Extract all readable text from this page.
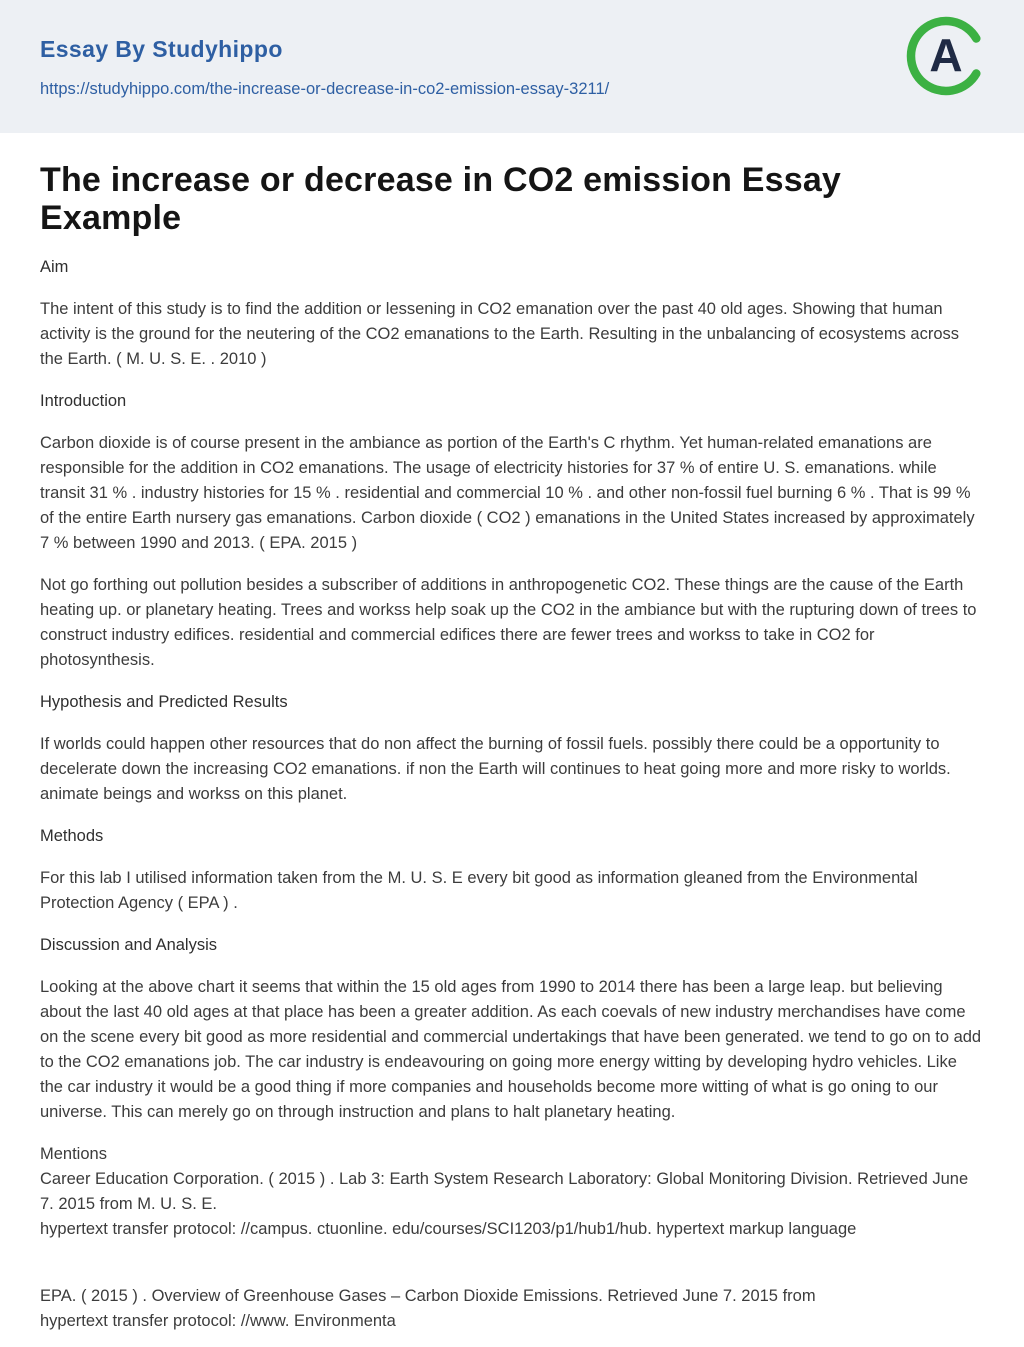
Essay By Studyhippo
https://studyhippo.com/the-increase-or-decrease-in-co2-emission-essay-3211/
A
The increase or decrease in CO2 emission Essay Example
Aim

The intent of this study is to find the addition or lessening in CO2 emanation over the past 40 old ages. Showing that human activity is the ground for the neutering of the CO2 emanations to the Earth. Resulting in the unbalancing of ecosystems across the Earth. ( M. U. S. E. . 2010 )

Introduction

Carbon dioxide is of course present in the ambiance as portion of the Earth's C rhythm. Yet human-related emanations are responsible for the addition in CO2 emanations. The usage of electricity histories for 37 % of entire U. S. emanations. while transit 31 % . industry histories for 15 % . residential and commercial 10 % . and other non-fossil fuel burning 6 % . That is 99 % of the entire Earth nursery gas emanations. Carbon dioxide ( CO2 ) emanations in the United States increased by approximately 7 % between 1990 and 2013. ( EPA. 2015 )

Not go forthing out pollution besides a subscriber of additions in anthropogenetic CO2. These things are the cause of the Earth heating up. or planetary heating. Trees and workss help soak up the CO2 in the ambiance but with the rupturing down of trees to construct industry edifices. residential and commercial edifices there are fewer trees and workss to take in CO2 for photosynthesis.

Hypothesis and Predicted Results

If worlds could happen other resources that do non affect the burning of fossil fuels. possibly there could be a opportunity to decelerate down the increasing CO2 emanations. if non the Earth will continues to heat going more and more risky to worlds. animate beings and workss on this planet.

Methods

For this lab I utilised information taken from the M. U. S. E every bit good as information gleaned from the Environmental Protection Agency ( EPA ) .

Discussion and Analysis

Looking at the above chart it seems that within the 15 old ages from 1990 to 2014 there has been a large leap. but believing about the last 40 old ages at that place has been a greater addition. As each coevals of new industry merchandises have come on the scene every bit good as more residential and commercial undertakings that have been generated. we tend to go on to add to the CO2 emanations job. The car industry is endeavouring on going more energy witting by developing hydro vehicles. Like the car industry it would be a good thing if more companies and households become more witting of what is go oning to our universe. This can merely go on through instruction and plans to halt planetary heating.

Mentions
Career Education Corporation. ( 2015 ) . Lab 3: Earth System Research Laboratory: Global Monitoring Division. Retrieved June 7. 2015 from M. U. S. E.
hypertext transfer protocol: //campus. ctuonline. edu/courses/SCI1203/p1/hub1/hub. hypertext markup language
EPA. ( 2015 ) . Overview of Greenhouse Gases – Carbon Dioxide Emissions. Retrieved June 7. 2015 from
hypertext transfer protocol: //www. Environmenta
